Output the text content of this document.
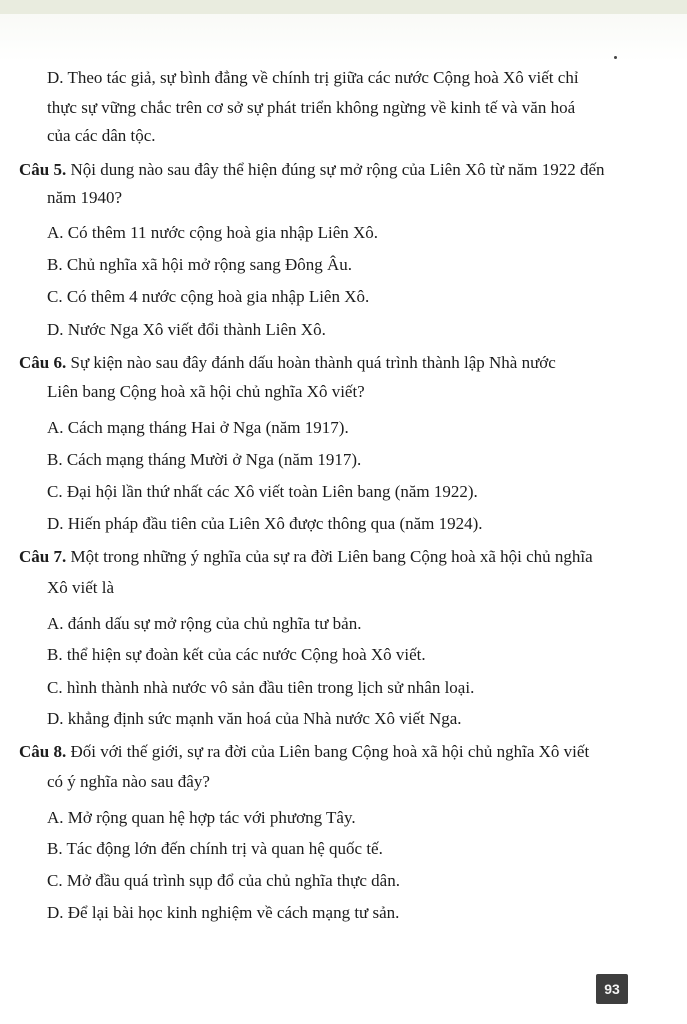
D. Theo tác giả, sự bình đẳng về chính trị giữa các nước Cộng hoà Xô viết chỉ
thực sự vững chắc trên cơ sở sự phát triển không ngừng về kinh tế và văn hoá
của các dân tộc.
Câu 5. Nội dung nào sau đây thể hiện đúng sự mở rộng của Liên Xô từ năm 1922 đến
năm 1940?
A. Có thêm 11 nước cộng hoà gia nhập Liên Xô.
B. Chủ nghĩa xã hội mở rộng sang Đông Âu.
C. Có thêm 4 nước cộng hoà gia nhập Liên Xô.
D. Nước Nga Xô viết đổi thành Liên Xô.
Câu 6. Sự kiện nào sau đây đánh dấu hoàn thành quá trình thành lập Nhà nước
Liên bang Cộng hoà xã hội chủ nghĩa Xô viết?
A. Cách mạng tháng Hai ở Nga (năm 1917).
B. Cách mạng tháng Mười ở Nga (năm 1917).
C. Đại hội lần thứ nhất các Xô viết toàn Liên bang (năm 1922).
D. Hiến pháp đầu tiên của Liên Xô được thông qua (năm 1924).
Câu 7. Một trong những ý nghĩa của sự ra đời Liên bang Cộng hoà xã hội chủ nghĩa
Xô viết là
A. đánh dấu sự mở rộng của chủ nghĩa tư bản.
B. thể hiện sự đoàn kết của các nước Cộng hoà Xô viết.
C. hình thành nhà nước vô sản đầu tiên trong lịch sử nhân loại.
D. khẳng định sức mạnh văn hoá của Nhà nước Xô viết Nga.
Câu 8. Đối với thế giới, sự ra đời của Liên bang Cộng hoà xã hội chủ nghĩa Xô viết
có ý nghĩa nào sau đây?
A. Mở rộng quan hệ hợp tác với phương Tây.
B. Tác động lớn đến chính trị và quan hệ quốc tế.
C. Mở đầu quá trình sụp đổ của chủ nghĩa thực dân.
D. Để lại bài học kinh nghiệm về cách mạng tư sản.
93
